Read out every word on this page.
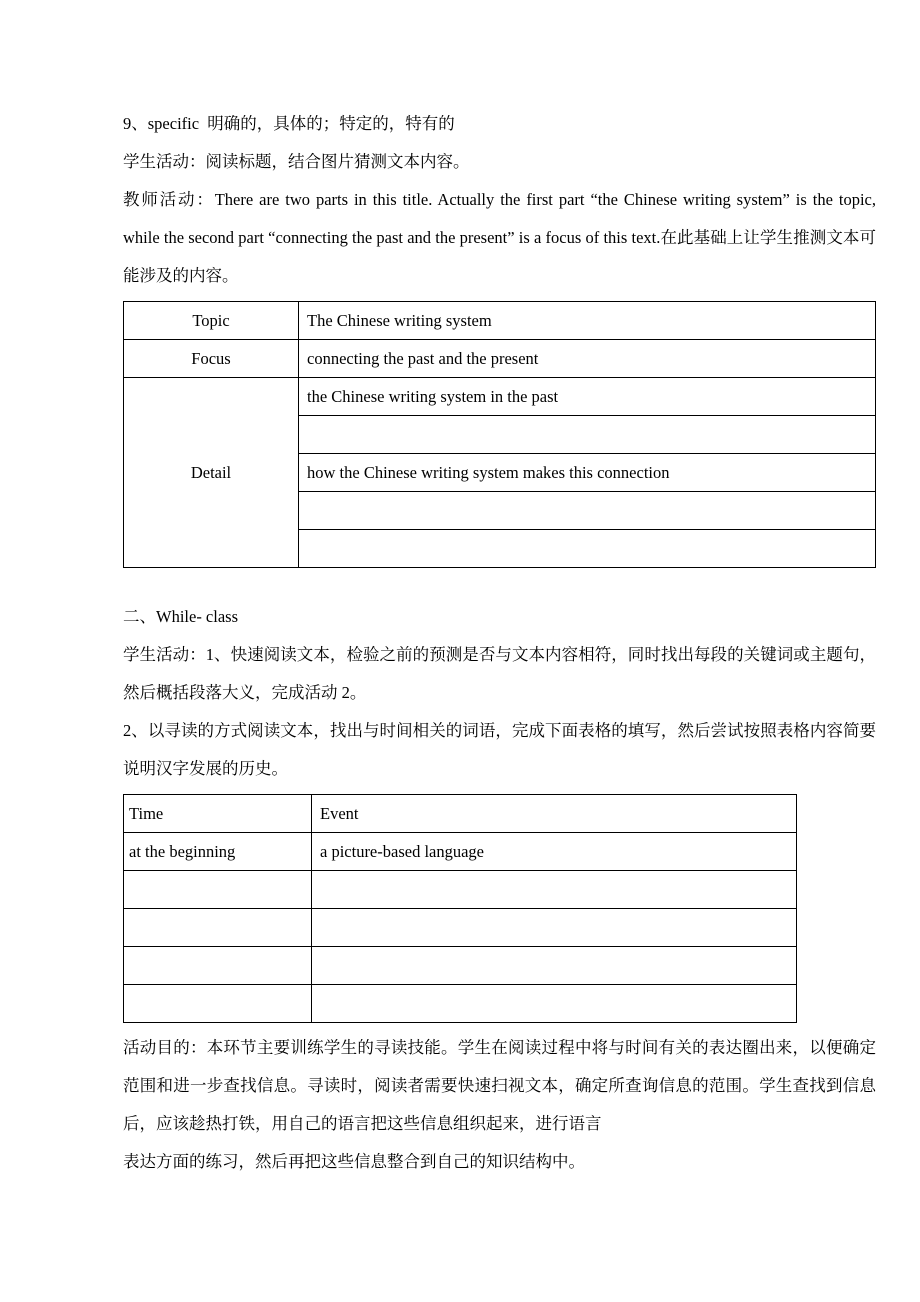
9、specific  明确的，具体的；特定的，特有的
学生活动：阅读标题，结合图片猜测文本内容。

教师活动：There are two parts in this title. Actually the first part “the Chinese writing system” is the topic, while the second part “connecting the past and the present” is a focus of this text.在此基础上让学生推测文本可能涉及的内容。

Topic	The Chinese writing system
Focus	connecting the past and the present
Detail	the Chinese writing system in the past

	how the Chinese writing system makes this connection

二、While- class

学生活动：1、快速阅读文本，检验之前的预测是否与文本内容相符，同时找出每段的关键词或主题句，然后概括段落大义，完成活动 2。

2、以寻读的方式阅读文本，找出与时间相关的词语，完成下面表格的填写，然后尝试按照表格内容简要说明汉字发展的历史。

Time	Event
at the beginning	a picture-based language

活动目的：本环节主要训练学生的寻读技能。学生在阅读过程中将与时间有关的表达圈出来，以便确定范围和进一步查找信息。寻读时，阅读者需要快速扫视文本，确定所查询信息的范围。学生查找到信息后，应该趁热打铁，用自己的语言把这些信息组织起来，进行语言

表达方面的练习，然后再把这些信息整合到自己的知识结构中。
